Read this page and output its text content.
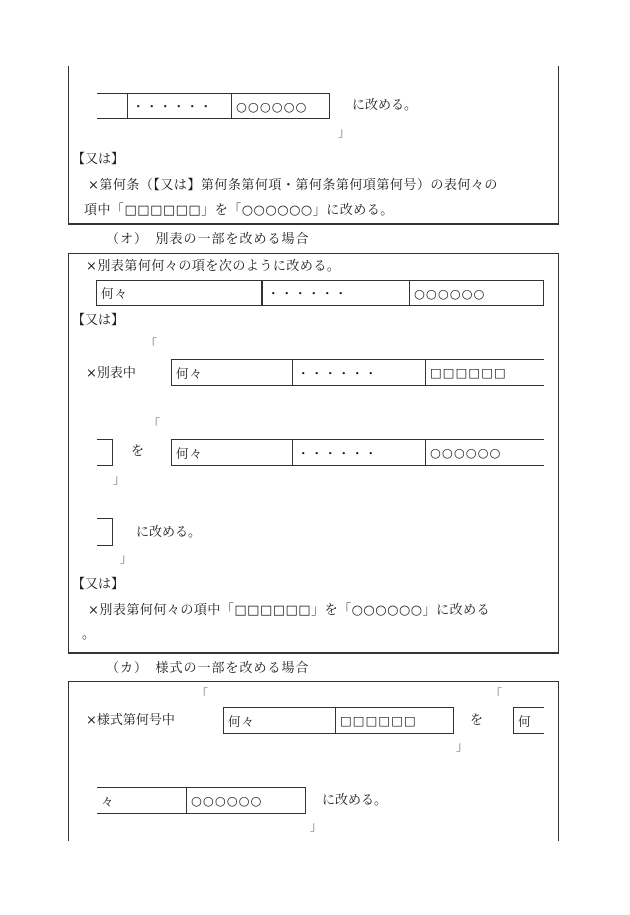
・・・・・・	○○○○○○	に改める。
」
【又は】
×第何条（【又は】第何条第何項・第何条第何項第何号）の表何々の
項中「□□□□□□」を「○○○○○○」に改める。
（オ）　別表の一部を改める場合
×別表第何何々の項を次のように改める。
何々	・・・・・・	○○○○○○
【又は】
「
×別表中	何々	・・・・・・	□□□□□□
「
を	何々	・・・・・・	○○○○○○
」
に改める。
」
【又は】
×別表第何何々の項中「□□□□□□」を「○○○○○○」に改める
。
（カ）　様式の一部を改める場合
「	「
×様式第何号中	何々	□□□□□□	を	何
」
々	○○○○○○	に改める。
」
